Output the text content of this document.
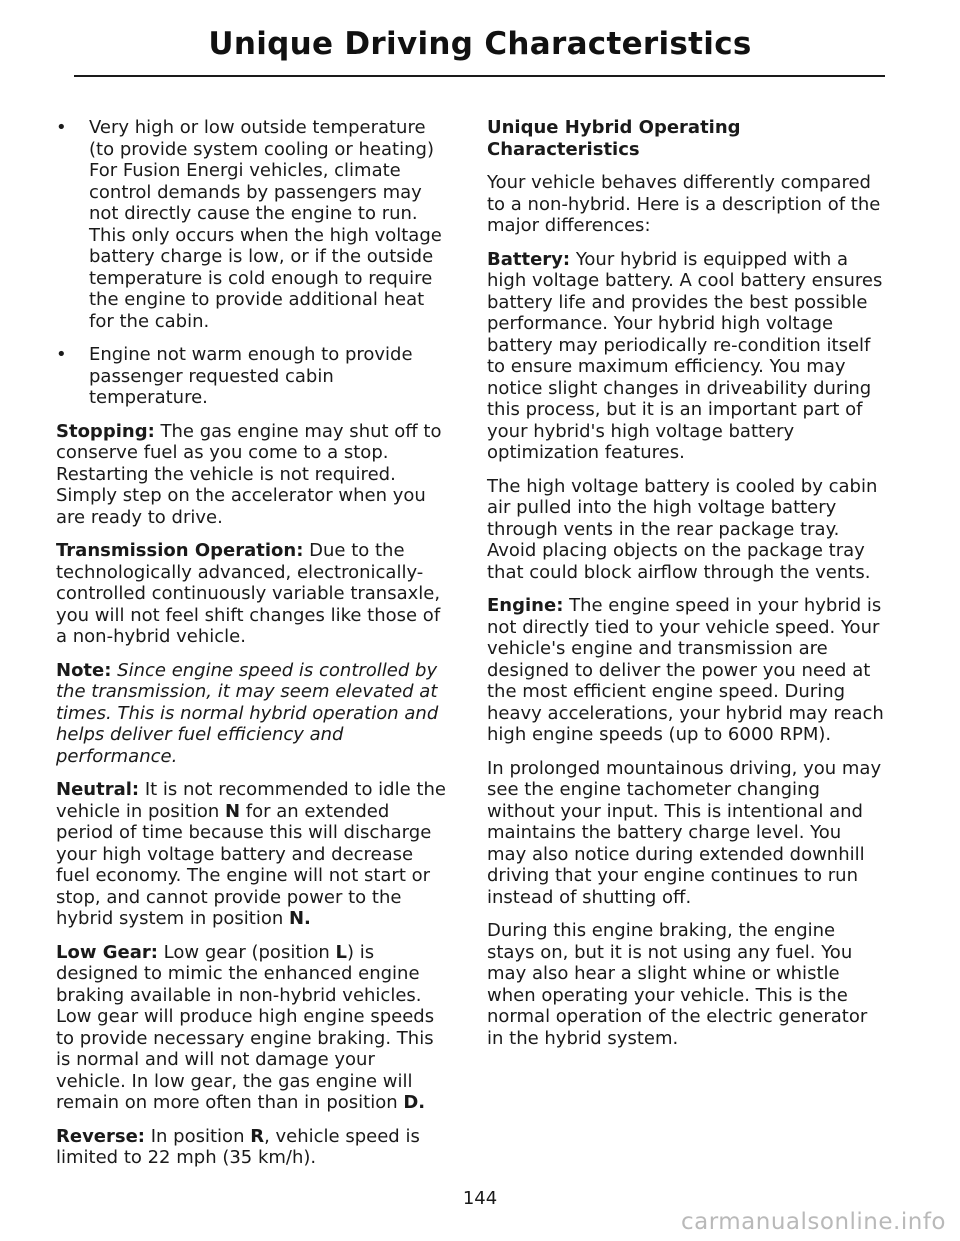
Unique Driving Characteristics
•	Very high or low outside temperature (to provide system cooling or heating) For Fusion Energi vehicles, climate control demands by passengers may not directly cause the engine to run. This only occurs when the high voltage battery charge is low, or if the outside temperature is cold enough to require the engine to provide additional heat for the cabin.
•	Engine not warm enough to provide passenger requested cabin temperature.

Stopping: The gas engine may shut off to conserve fuel as you come to a stop. Restarting the vehicle is not required. Simply step on the accelerator when you are ready to drive.

Transmission Operation: Due to the technologically advanced, electronically-controlled continuously variable transaxle, you will not feel shift changes like those of a non-hybrid vehicle.

Note: Since engine speed is controlled by the transmission, it may seem elevated at times. This is normal hybrid operation and helps deliver fuel efficiency and performance.

Neutral: It is not recommended to idle the vehicle in position N for an extended period of time because this will discharge your high voltage battery and decrease fuel economy. The engine will not start or stop, and cannot provide power to the hybrid system in position N.

Low Gear: Low gear (position L) is designed to mimic the enhanced engine braking available in non-hybrid vehicles. Low gear will produce high engine speeds to provide necessary engine braking. This is normal and will not damage your vehicle. In low gear, the gas engine will remain on more often than in position D.

Reverse: In position R, vehicle speed is limited to 22 mph (35 km/h).

Unique Hybrid Operating Characteristics

Your vehicle behaves differently compared to a non-hybrid. Here is a description of the major differences:

Battery: Your hybrid is equipped with a high voltage battery. A cool battery ensures battery life and provides the best possible performance. Your hybrid high voltage battery may periodically re-condition itself to ensure maximum efficiency. You may notice slight changes in driveability during this process, but it is an important part of your hybrid's high voltage battery optimization features.

The high voltage battery is cooled by cabin air pulled into the high voltage battery through vents in the rear package tray. Avoid placing objects on the package tray that could block airflow through the vents.

Engine: The engine speed in your hybrid is not directly tied to your vehicle speed. Your vehicle's engine and transmission are designed to deliver the power you need at the most efficient engine speed. During heavy accelerations, your hybrid may reach high engine speeds (up to 6000 RPM).

In prolonged mountainous driving, you may see the engine tachometer changing without your input. This is intentional and maintains the battery charge level. You may also notice during extended downhill driving that your engine continues to run instead of shutting off.

During this engine braking, the engine stays on, but it is not using any fuel. You may also hear a slight whine or whistle when operating your vehicle. This is the normal operation of the electric generator in the hybrid system.

144
carmanualsonline.info
